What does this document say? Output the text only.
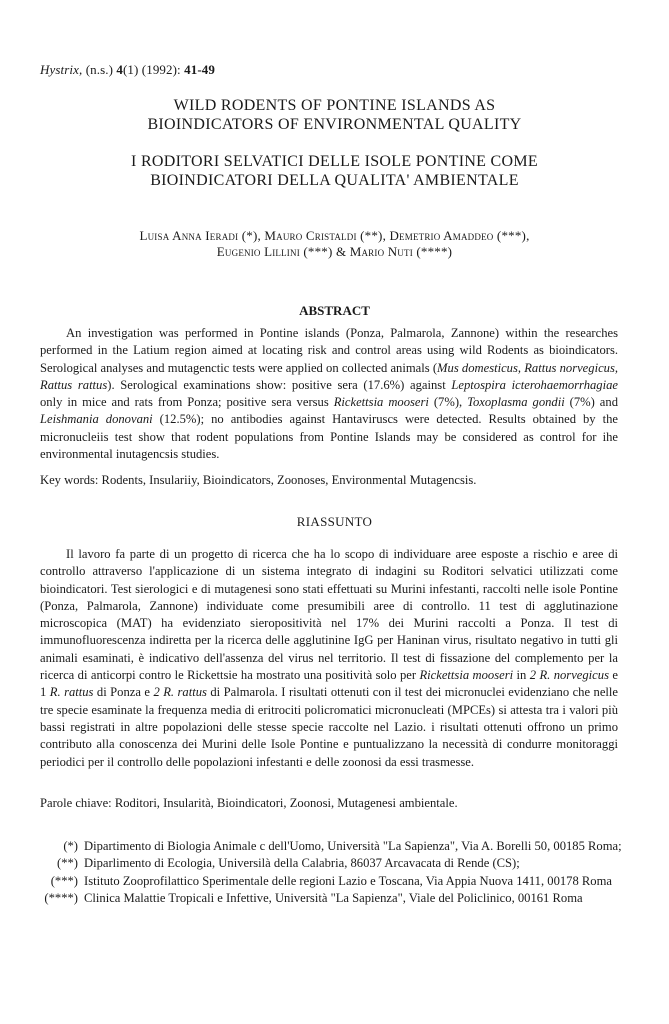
Hystrix, (n.s.) 4(1) (1992): 41-49
WILD RODENTS OF PONTINE ISLANDS AS
BIOINDICATORS OF ENVIRONMENTAL QUALITY
I RODITORI SELVATICI DELLE ISOLE PONTINE COME
BIOINDICATORI DELLA QUALITA' AMBIENTALE
Luisa Anna Ieradi (*), Mauro Cristaldi (**), Demetrio Amaddeo (***),
Eugenio Lillini (***) & Mario Nuti (****)
ABSTRACT
An investigation was performed in Pontine islands (Ponza, Palmarola, Zannone) within the researches performed in the Latium region aimed at locating risk and control areas using wild Rodents as bioindicators. Serological analyses and mutagenctic tests were applied on collected animals (Mus domesticus, Rattus norvegicus, Rattus rattus). Serological examinations show: positive sera (17.6%) against Leptospira icterohaemorrhagiae only in mice and rats from Ponza; positive sera versus Rickettsia mooseri (7%), Toxoplasma gondii (7%) and Leishmania donovani (12.5%); no antibodies against Hantaviruscs were detected. Results obtained by the micronucleiis test show that rodent populations from Pontine Islands may be considered as control for ihe environmental inutagencsis studies.
Key words: Rodents, Insulariiy, Bioindicators, Zoonoses, Environmental Mutagencsis.
RIASSUNTO
Il lavoro fa parte di un progetto di ricerca che ha lo scopo di individuare aree esposte a rischio e aree di controllo attraverso l'applicazione di un sistema integrato di indagini su Roditori selvatici utilizzati come bioindicatori. Test sierologici e di mutagenesi sono stati effettuati su Murini infestanti, raccolti nelle isole Pontine (Ponza, Palmarola, Zannone) individuate come presumibili aree di controllo. 11 test di agglutinazione microscopica (MAT) ha evidenziato sieropositività nel 17% dei Murini raccolti a Ponza. Il test di immunofluorescenza indiretta per la ricerca delle agglutinine IgG per Haninan virus, risultato negativo in tutti gli animali esaminati, è indicativo dell'assenza del virus nel territorio. Il test di fissazione del complemento per la ricerca di anticorpi contro le Rickettsie ha mostrato una positività solo per Rickettsia mooseri in 2 R. norvegicus e 1 R. rattus di Ponza e 2 R. rattus di Palmarola. I risultati ottenuti con il test dei micronuclei evidenziano che nelle tre specie esaminate la frequenza media di eritrociti policromatici micronucleati (MPCEs) si attesta tra i valori più bassi registrati in altre popolazioni delle stesse specie raccolte nel Lazio. i risultati ottenuti offrono un primo contributo alla conoscenza dei Murini delle Isole Pontine e puntualizzano la necessità di condurre monitoraggi periodici per il controllo delle popolazioni infestanti e delle zoonosi da essi trasmesse.
Parole chiave: Roditori, Insularità, Bioindicatori, Zoonosi, Mutagenesi ambientale.
(*) Dipartimento di Biologia Animale c dell'Uomo, Università "La Sapienza", Via A. Borelli 50, 00185 Roma;
(**) Diparlimento di Ecologia, Universilà della Calabria, 86037 Arcavacata di Rende (CS);
(***) Istituto Zooprofilattico Sperimentale delle regioni Lazio e Toscana, Via Appia Nuova 1411, 00178 Roma
(****) Clinica Malattie Tropicali e Infettive, Università "La Sapienza", Viale del Policlinico, 00161 Roma
